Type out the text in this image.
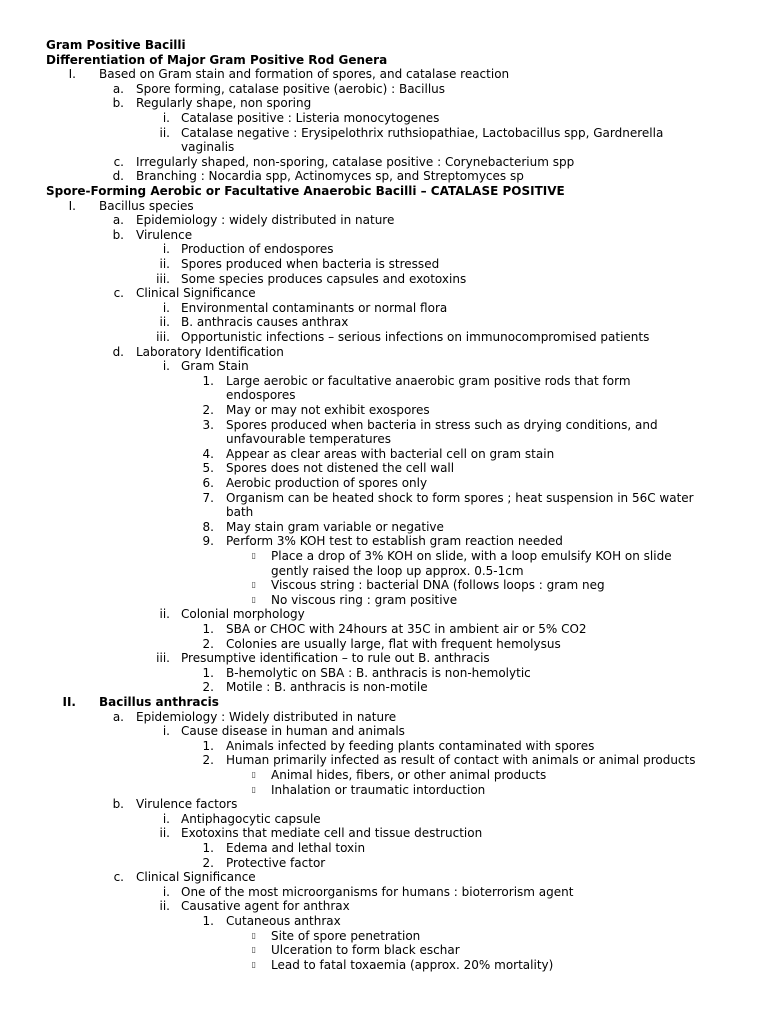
Gram Positive Bacilli
Differentiation of Major Gram Positive Rod Genera
I. Based on Gram stain and formation of spores, and catalase reaction
a. Spore forming, catalase positive (aerobic) : Bacillus
b. Regularly shape, non sporing
i. Catalase positive : Listeria monocytogenes
ii. Catalase negative : Erysipelothrix ruthsiopathiae, Lactobacillus spp, Gardnerella
vaginalis
c. Irregularly shaped, non-sporing, catalase positive : Corynebacterium spp
d. Branching : Nocardia spp, Actinomyces sp, and Streptomyces sp
Spore-Forming Aerobic or Facultative Anaerobic Bacilli – CATALASE POSITIVE
I. Bacillus species
a. Epidemiology : widely distributed in nature
b. Virulence
i. Production of endospores
ii. Spores produced when bacteria is stressed
iii. Some species produces capsules and exotoxins
c. Clinical Significance
i. Environmental contaminants or normal flora
ii. B. anthracis causes anthrax
iii. Opportunistic infections – serious infections on immunocompromised patients
d. Laboratory Identification
i. Gram Stain
1. Large aerobic or facultative anaerobic gram positive rods that form
endospores
2. May or may not exhibit exospores
3. Spores produced when bacteria in stress such as drying conditions, and
unfavourable temperatures
4. Appear as clear areas with bacterial cell on gram stain
5. Spores does not distened the cell wall
6. Aerobic production of spores only
7. Organism can be heated shock to form spores ; heat suspension in 56C water
bath
8. May stain gram variable or negative
9. Perform 3% KOH test to establish gram reaction needed
▯ Place a drop of 3% KOH on slide, with a loop emulsify KOH on slide
gently raised the loop up approx. 0.5-1cm
▯ Viscous string : bacterial DNA (follows loops : gram neg
▯ No viscous ring : gram positive
ii. Colonial morphology
1. SBA or CHOC with 24hours at 35C in ambient air or 5% CO2
2. Colonies are usually large, flat with frequent hemolysus
iii. Presumptive identification – to rule out B. anthracis
1. B-hemolytic on SBA : B. anthracis is non-hemolytic
2. Motile : B. anthracis is non-motile
II. Bacillus anthracis
a. Epidemiology : Widely distributed in nature
i. Cause disease in human and animals
1. Animals infected by feeding plants contaminated with spores
2. Human primarily infected as result of contact with animals or animal products
▯ Animal hides, fibers, or other animal products
▯ Inhalation or traumatic intorduction
b. Virulence factors
i. Antiphagocytic capsule
ii. Exotoxins that mediate cell and tissue destruction
1. Edema and lethal toxin
2. Protective factor
c. Clinical Significance
i. One of the most microorganisms for humans : bioterrorism agent
ii. Causative agent for anthrax
1. Cutaneous anthrax
▯ Site of spore penetration
▯ Ulceration to form black eschar
▯ Lead to fatal toxaemia (approx. 20% mortality)
